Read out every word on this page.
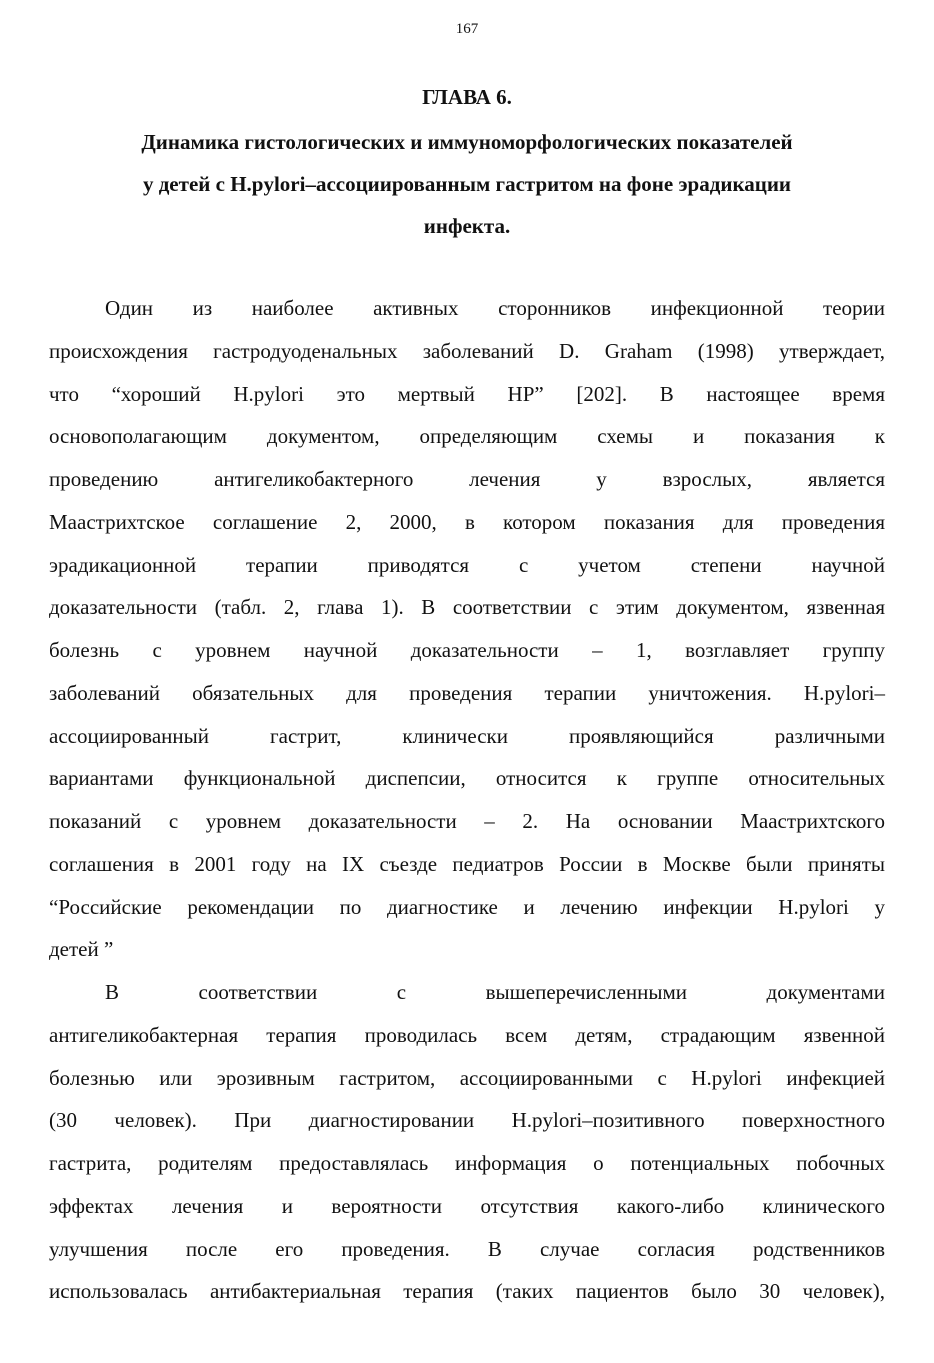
167
ГЛАВА 6.
Динамика гистологических и иммуноморфологических показателей
у детей с H.pylori–ассоциированным гастритом на фоне эрадикации
инфекта.
Один из наиболее активных сторонников инфекционной теории
происхождения гастродуоденальных заболеваний D. Graham (1998) утверждает,
что “хороший H.pylori это мертвый HP” [202]. В настоящее время
основополагающим документом, определяющим схемы и показания к
проведению антигеликобактерного лечения у взрослых, является
Маастрихтское соглашение 2, 2000, в котором показания для проведения
эрадикационной терапии приводятся с учетом степени научной
доказательности (табл. 2, глава 1). В соответствии с этим документом, язвенная
болезнь с уровнем научной доказательности – 1, возглавляет группу
заболеваний обязательных для проведения терапии уничтожения. H.pylori–
ассоциированный гастрит, клинически проявляющийся различными
вариантами функциональной диспепсии, относится к группе относительных
показаний с уровнем доказательности – 2. На основании Маастрихтского
соглашения в 2001 году на IX съезде педиатров России в Москве были приняты
“Российские рекомендации по диагностике и лечению инфекции H.pylori у
детей ”
В соответствии с вышеперечисленными документами
антигеликобактерная терапия проводилась всем детям, страдающим язвенной
болезнью или эрозивным гастритом, ассоциированными с H.pylori инфекцией
(30 человек). При диагностировании H.pylori–позитивного поверхностного
гастрита, родителям предоставлялась информация о потенциальных побочных
эффектах лечения и вероятности отсутствия какого-либо клинического
улучшения после его проведения. В случае согласия родственников
использовалась антибактериальная терапия (таких пациентов было 30 человек),
